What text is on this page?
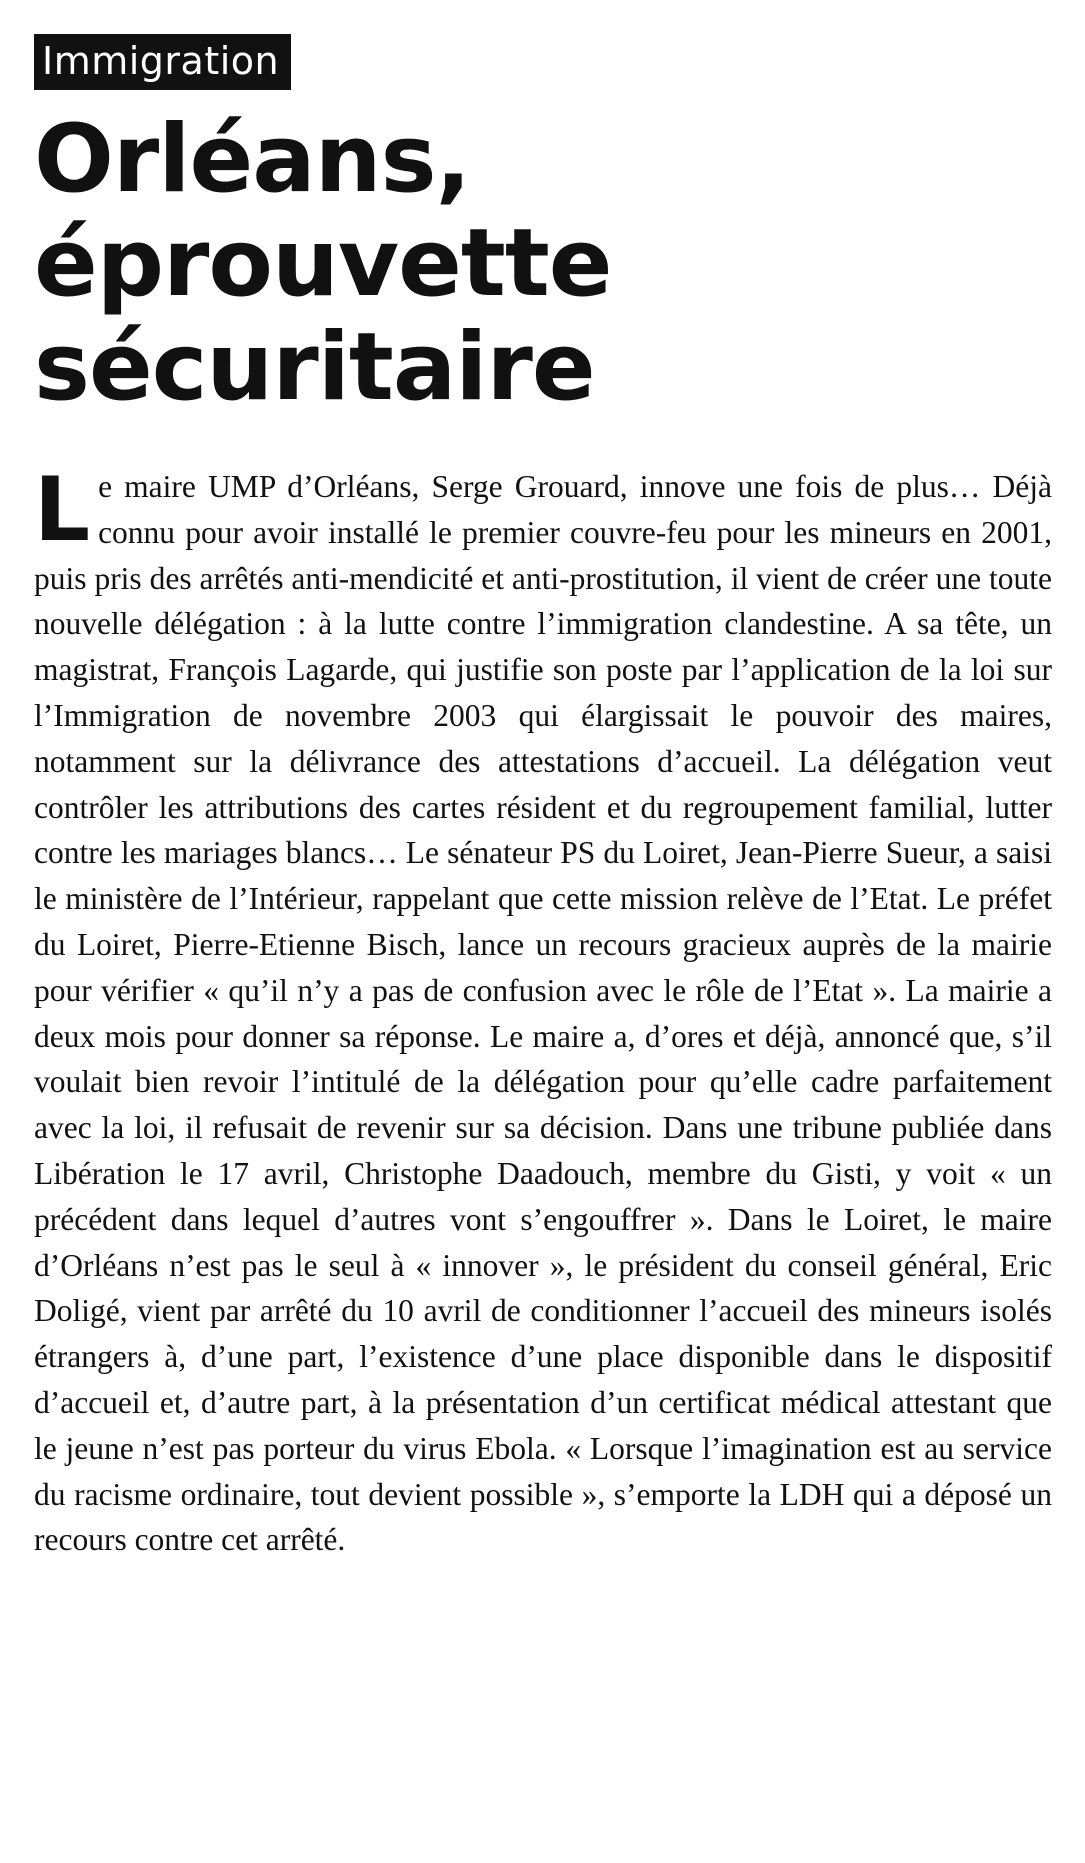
Immigration
Orléans, éprouvette
sécuritaire
L e maire UMP d’Orléans, Serge Grouard, innove une fois de plus… Déjà connu pour avoir installé le premier couvre-feu pour les mineurs en 2001, puis pris des arrêtés anti-mendicité et anti-prostitution, il vient de créer une toute nouvelle délégation : à la lutte contre l’immigration clandestine. A sa tête, un magistrat, François Lagarde, qui justifie son poste par l’application de la loi sur l’Immigration de novembre 2003 qui élargissait le pouvoir des maires, notamment sur la délivrance des attestations d’accueil. La délégation veut contrôler les attributions des cartes résident et du regroupement familial, lutter contre les mariages blancs… Le sénateur PS du Loiret, Jean-Pierre Sueur, a saisi le ministère de l’Intérieur, rappelant que cette mission relève de l’Etat. Le préfet du Loiret, Pierre-Etienne Bisch, lance un recours gracieux auprès de la mairie pour vérifier « qu’il n’y a pas de confusion avec le rôle de l’Etat ». La mairie a deux mois pour donner sa réponse. Le maire a, d’ores et déjà, annoncé que, s’il voulait bien revoir l’intitulé de la délégation pour qu’elle cadre parfaitement avec la loi, il refusait de revenir sur sa décision. Dans une tribune publiée dans Libération le 17 avril, Christophe Daadouch, membre du Gisti, y voit « un précédent dans lequel d’autres vont s’engouffrer ». Dans le Loiret, le maire d’Orléans n’est pas le seul à « innover », le président du conseil général, Eric Doligé, vient par arrêté du 10 avril de conditionner l’accueil des mineurs isolés étrangers à, d’une part, l’existence d’une place disponible dans le dispositif d’accueil et, d’autre part, à la présentation d’un certificat médical attestant que le jeune n’est pas porteur du virus Ebola. « Lorsque l’imagination est au service du racisme ordinaire, tout devient possible », s’emporte la LDH qui a déposé un recours contre cet arrêté.
